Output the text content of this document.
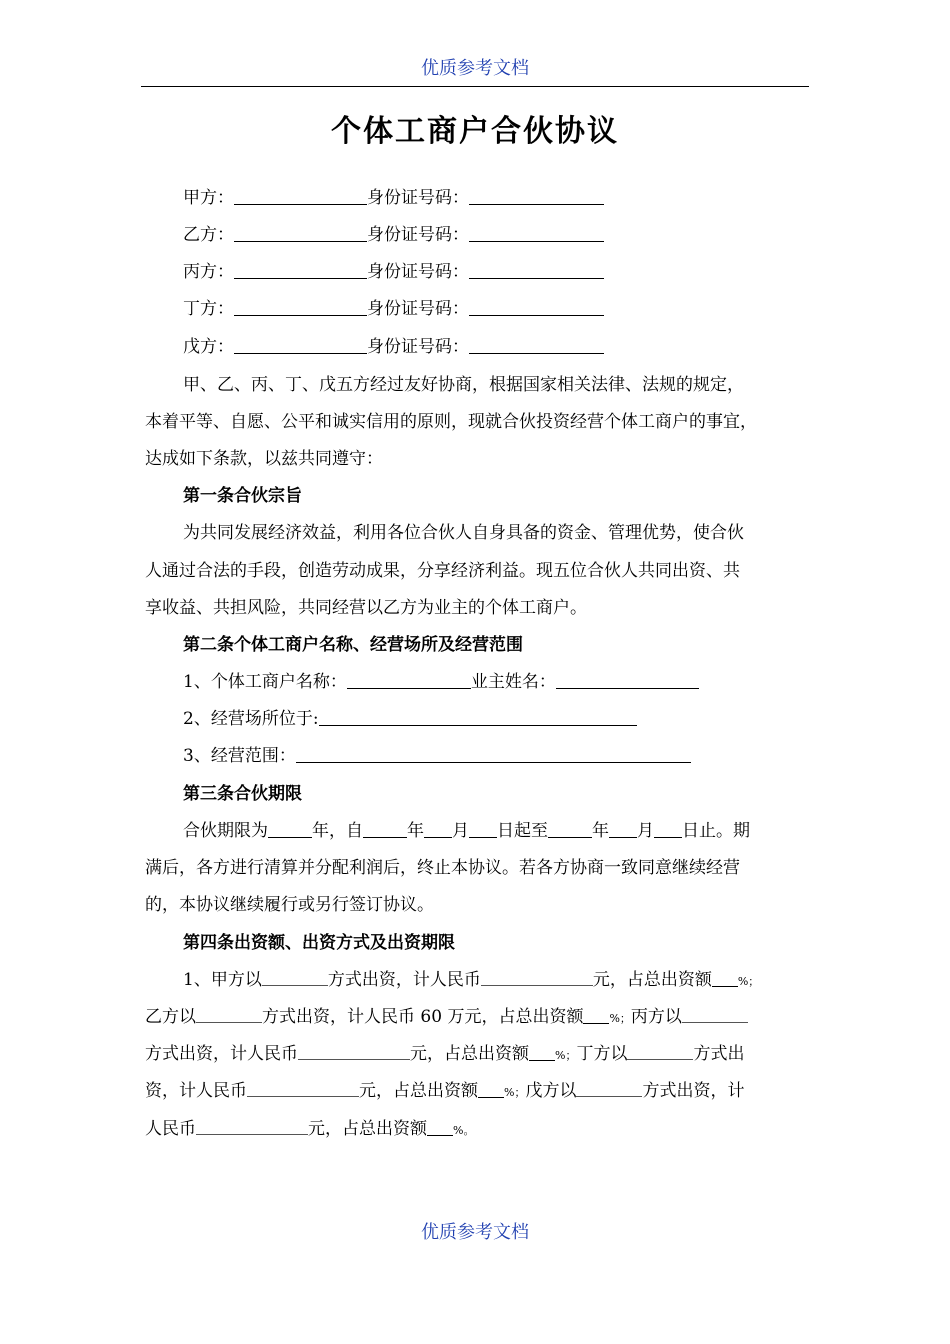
优质参考文档
个体工商户合伙协议
甲方：	身份证号码：
乙方：	身份证号码：
丙方：	身份证号码：
丁方：	身份证号码：
戊方：	身份证号码：
甲、乙、丙、丁、戊五方经过友好协商，根据国家相关法律、法规的规定，
本着平等、自愿、公平和诚实信用的原则，现就合伙投资经营个体工商户的事宜，
达成如下条款，以兹共同遵守：
第一条合伙宗旨
为共同发展经济效益，利用各位合伙人自身具备的资金、管理优势，使合伙
人通过合法的手段，创造劳动成果，分享经济利益。现五位合伙人共同出资、共
享收益、共担风险，共同经营以乙方为业主的个体工商户。
第二条个体工商户名称、经营场所及经营范围
1、个体工商户名称：	业主姓名：
2、经营场所位于:
3、经营范围：
第三条合伙期限
合伙期限为	年，自	年 月 日起至	年 月 日止。期
满后，各方进行清算并分配利润后，终止本协议。若各方协商一致同意继续经营
的，本协议继续履行或另行签订协议。
第四条出资额、出资方式及出资期限
1、甲方以	方式出资，计人民币	元，占总出资额 %；
乙方以	方式出资，计人民币 60 万元，占总出资额 %；丙方以
方式出资，计人民币	元，占总出资额 %；丁方以	方式出
资，计人民币	元，占总出资额 %；戊方以	方式出资，计
人民币	元，占总出资额 %。
优质参考文档
